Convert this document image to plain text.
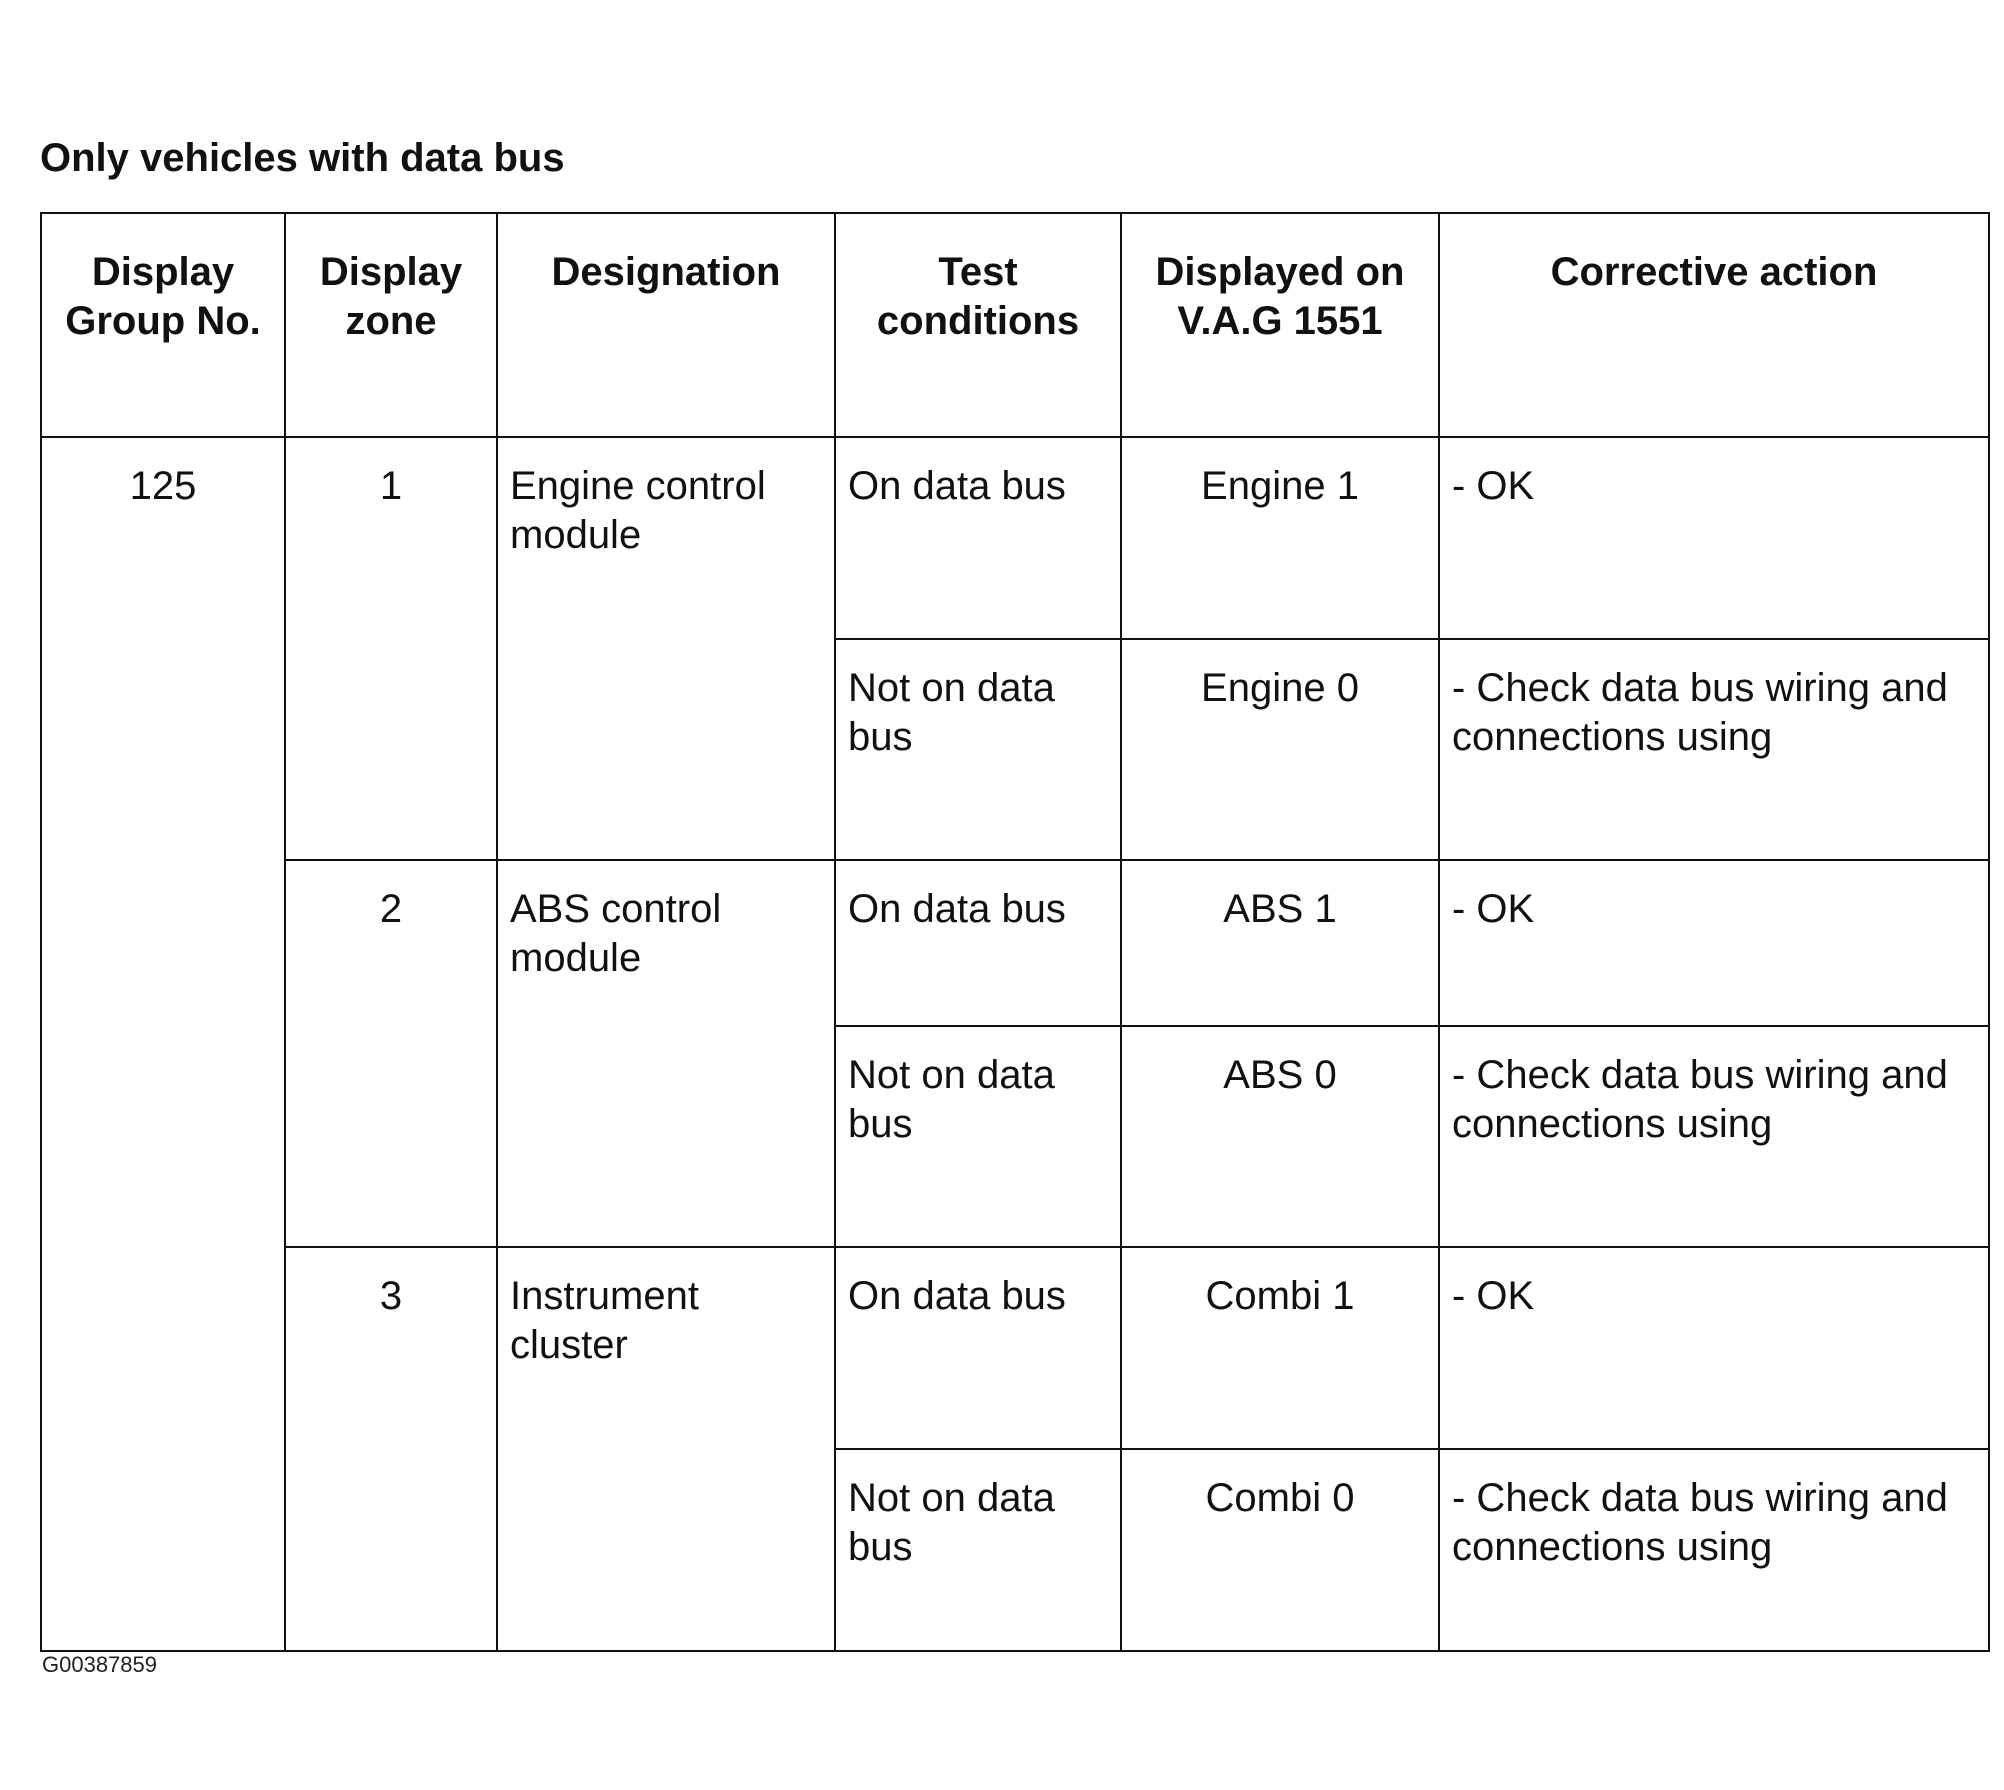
Only vehicles with data bus
Display Group No.	Display zone	Designation	Test conditions	Displayed on V.A.G 1551	Corrective action

125	1	Engine control module	On data bus	Engine 1	- OK
			Not on data bus	Engine 0	- Check data bus wiring and connections using
	2	ABS control module	On data bus	ABS 1	- OK
			Not on data bus	ABS 0	- Check data bus wiring and connections using
	3	Instrument cluster	On data bus	Combi 1	- OK
			Not on data bus	Combi 0	- Check data bus wiring and connections using
G00387859
